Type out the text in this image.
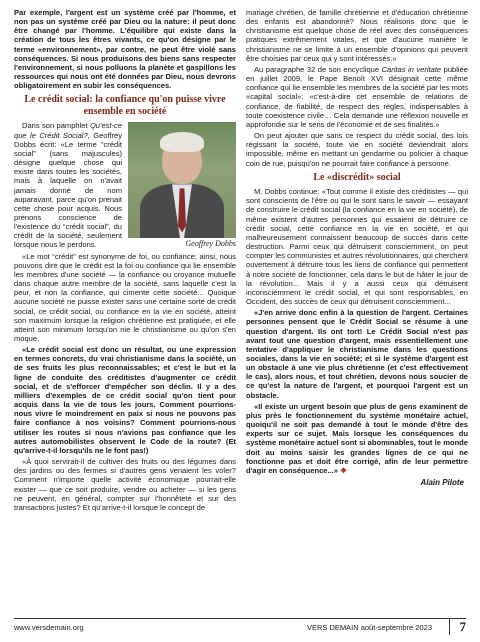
Par exemple, l'argent est un système créé par l'homme, et non pas un système créé par Dieu ou la nature: il peut donc être changé par l'homme. L'équilibre qui existe dans la création de tous les êtres vivants, ce qu'on désigne par le terme «environnement», par contre, ne peut être violé sans conséquences. Si nous produisons des biens sans respecter l'environnement, si nous polluons la planète et gaspillons les ressources qui nous ont été données par Dieu, nous devrons obligatoirement en subir les conséquences.

Le crédit social: la confiance qu'on puisse vivre ensemble en société
Geoffrey Dobbs

Dans son pamphlet Qu'est-ce que le Crédit Social?, Geoffrey Dobbs écrit: «Le terme “crédit social” (sans majuscules) désigne quelque chose qui existe dans toutes les sociétés, mais à laquelle on n'avait jamais donné de nom auparavant, parce qu'on prenait cette chose pour acquis. Nous prenons conscience de l'existence du “crédit social”, du crédit de la société, seulement lorsque nous le perdons.

«Le mot “crédit” est synonyme de foi, ou confiance; ainsi, nous pouvons dire que le crédit est la foi ou confiance qui lie ensemble les membres d'une société — la confiance ou croyance mutuelle dans chaque autre membre de la société, sans laquelle c'est la peur, et non la confiance, qui cimente cette société... Quoique aucune société ne puisse exister sans une certaine sorte de crédit social, ce crédit social, ou confiance en la vie en société, atteint son maximum lorsque la religion chrétienne est pratiquée, et elle atteint son minimum lorsqu'on nie le christianisme ou qu'on s'en moque.

«Le crédit social est donc un résultat, ou une expression en termes concrets, du vrai christianisme dans la société, un de ses fruits les plus reconnaissables; et c'est le but et la ligne de conduite des créditistes d'augmenter ce crédit social, et de s'efforcer d'empêcher son déclin. Il y a des milliers d'exemples de ce crédit social qu'on tient pour acquis dans la vie de tous les jours. Comment pourrions-nous vivre le moindrement en paix si nous ne pouvons pas faire confiance à nos voisins? Comment pourrions-nous utiliser les routes si nous n'avions pas confiance que les autres automobilistes observent le Code de la route? (Et qu'arrive-t-il lorsqu'ils ne le font pas!)

«À quoi servirait-il de cultiver des fruits ou des légumes dans des jardins ou des fermes si d'autres gens venaient les voler? Comment n'importe quelle activité économique pourrait-elle exister — que ce soit produire, vendre ou acheter — si les gens ne peuvent, en général, compter sur l'honnêteté et sur des transactions justes? Et qu'arrive-t-il lorsque le concept de

mariage chrétien, de famille chrétienne et d'éducation chrétienne des enfants est abandonné? Nous réalisons donc que le christianisme est quelque chose de réel avec des conséquences pratiques extrêmement vitales, et que d'aucune manière le christianisme ne se limite à un ensemble d'opinions qui peuvent être choisies par ceux qui y sont intéressés.»

Au paragraphe 32 de son encyclique Caritas in veritate publiée en juillet 2009, le Pape Benoît XVI désignait cette même confiance qui lie ensemble les membres de la société par les mots «capital social»: «c'est-à-dire cet ensemble de relations de confiance, de fiabilité, de respect des règles, indispensables à toute coexistence civile… Cela demande une réflexion nouvelle et approfondie sur le sens de l'économie et de ses finalités.»

On peut ajouter que sans ce respect du crédit social, des lois régissant la société, toute vie en société deviendrait alors impossible, même en mettant un gendarme ou policier à chaque coin de rue, puisqu'on ne pourrait faire confiance à personne.

Le «discrédit» social

M. Dobbs continue: «Tout comme il existe des créditistes — qui sont conscients de l'être ou qui le sont sans le savoir — essayant de construire le crédit social (la confiance en la vie en société), de même existent d'autres personnes qui essaient de détruire ce crédit social, cette confiance en la vie en société, et qui malheureusement connaissent beaucoup de succès dans cette destruction. Parmi ceux qui détruisent consciemment, on peut compter les communistes et autres révolutionnaires, qui cherchent ouvertement à détruire tous les liens de confiance qui permettent à notre société de fonctionner, cela dans le but de hâter le jour de la révolution... Mais il y a aussi ceux qui détruisent inconsciemment le crédit social, et qui sont responsables, en Occident, des succès de ceux qui détruisent consciemment...

«J'en arrive donc enfin à la question de l'argent. Certaines personnes pensent que le Crédit Social se résume à une question d'argent. Ils ont tort! Le Crédit Social n'est pas avant tout une question d'argent, mais essentiellement une tentative d'appliquer le christianisme dans les questions sociales, dans la vie en société; et si le système d'argent est un obstacle à une vie plus chrétienne (et c'est effectivement le cas), alors nous, et tout chrétien, devons nous soucier de ce qu'est la nature de l'argent, et pourquoi l'argent est un obstacle.

«Il existe un urgent besoin que plus de gens examinent de plus près le fonctionnement du système monétaire actuel, quoiqu'il ne soit pas demandé à tout le monde d'être des experts sur ce sujet. Mais lorsque les conséquences du système monétaire actuel sont si abominables, tout le monde doit au moins saisir les grandes lignes de ce qui ne fonctionne pas et doit être corrigé, afin de leur permettre d'agir en conséquence...» ❖

Alain Pilote
www.versdemain.org	VERS DEMAIN août-septembre 2023	7
